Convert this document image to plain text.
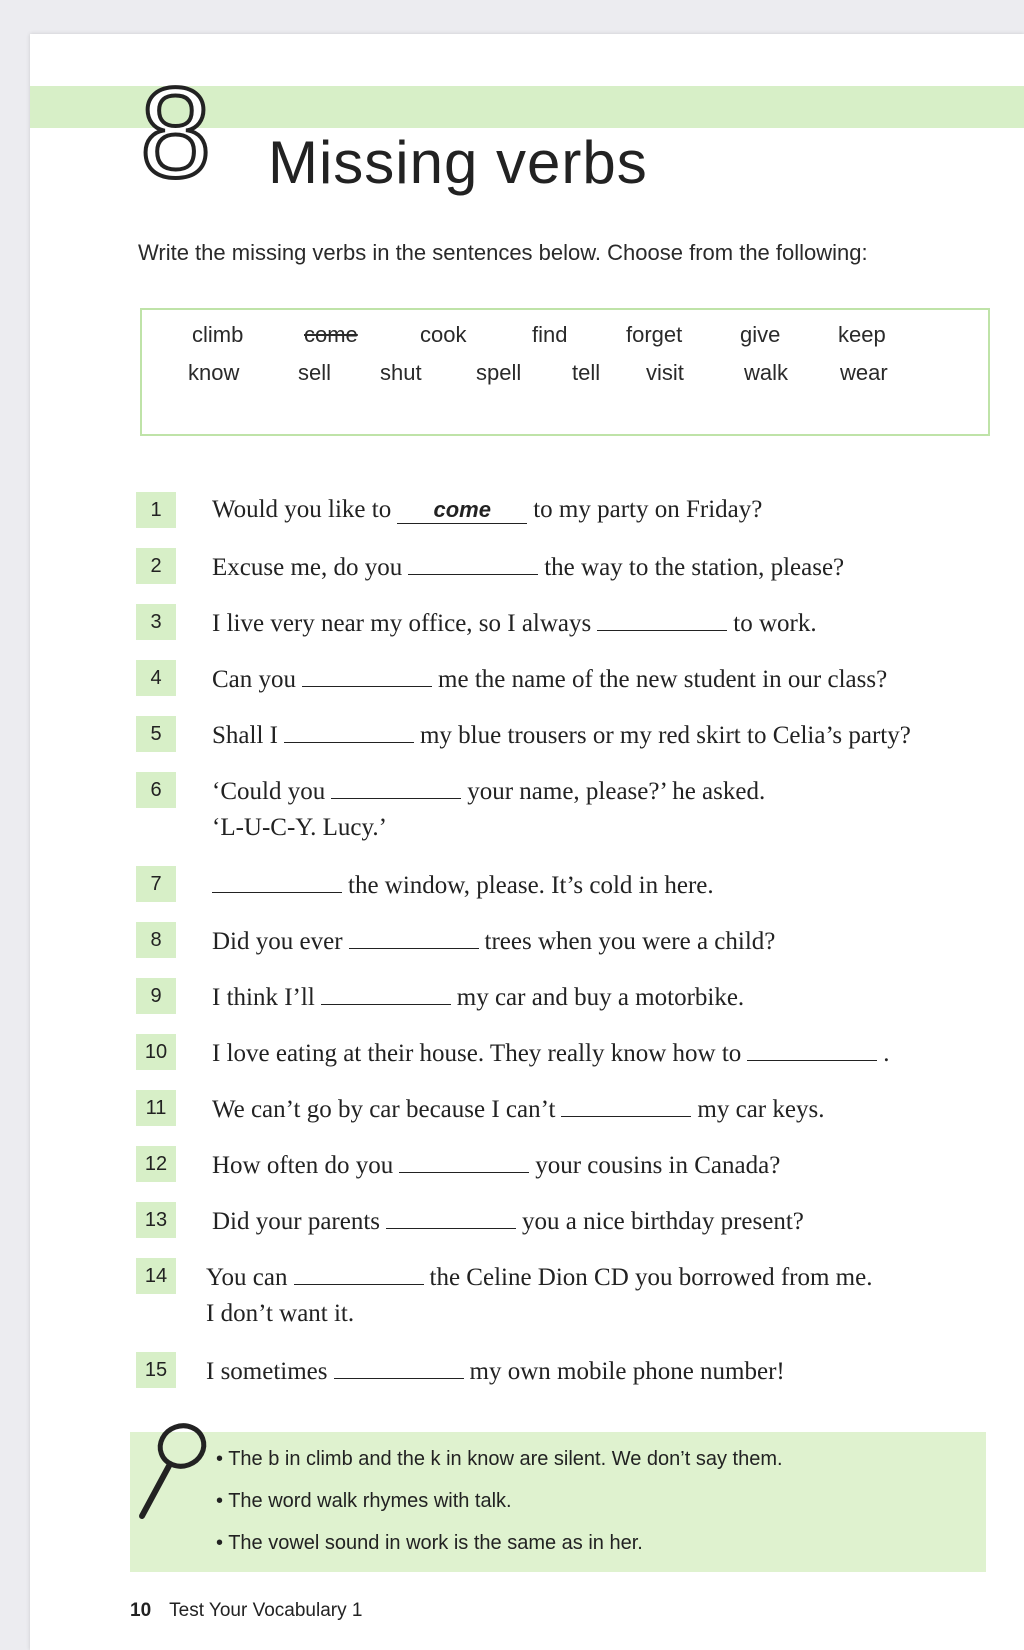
8 Missing verbs
Write the missing verbs in the sentences below. Choose from the following:
climb	come	cook	find	forget	give	keep
know	sell shut spell tell visit	walk wear
1	Would you like to come to my party on Friday?
2	Excuse me, do you	the way to the station, please?
3	I live very near my office, so I always	to work.
4	Can you	me the name of the new student in our class?
5	Shall I	my blue trousers or my red skirt to Celia’s party?
6	‘Could you	your name, please?’ he asked.
‘L-U-C-Y. Lucy.’
7	the window, please. It’s cold in here.
8	Did you ever	trees when you were a child?
9	I think I’ll	my car and buy a motorbike.
10	I love eating at their house. They really know how to	.
11	We can’t go by car because I can’t	my car keys.
12	How often do you	your cousins in Canada?
13	Did your parents	you a nice birthday present?
14	You can	the Celine Dion CD you borrowed from me.
I don’t want it.
15	I sometimes	my own mobile phone number!
• The b in climb and the k in know are silent. We don’t say them.
• The word walk rhymes with talk.
• The vowel sound in work is the same as in her.
10 Test Your Vocabulary 1
